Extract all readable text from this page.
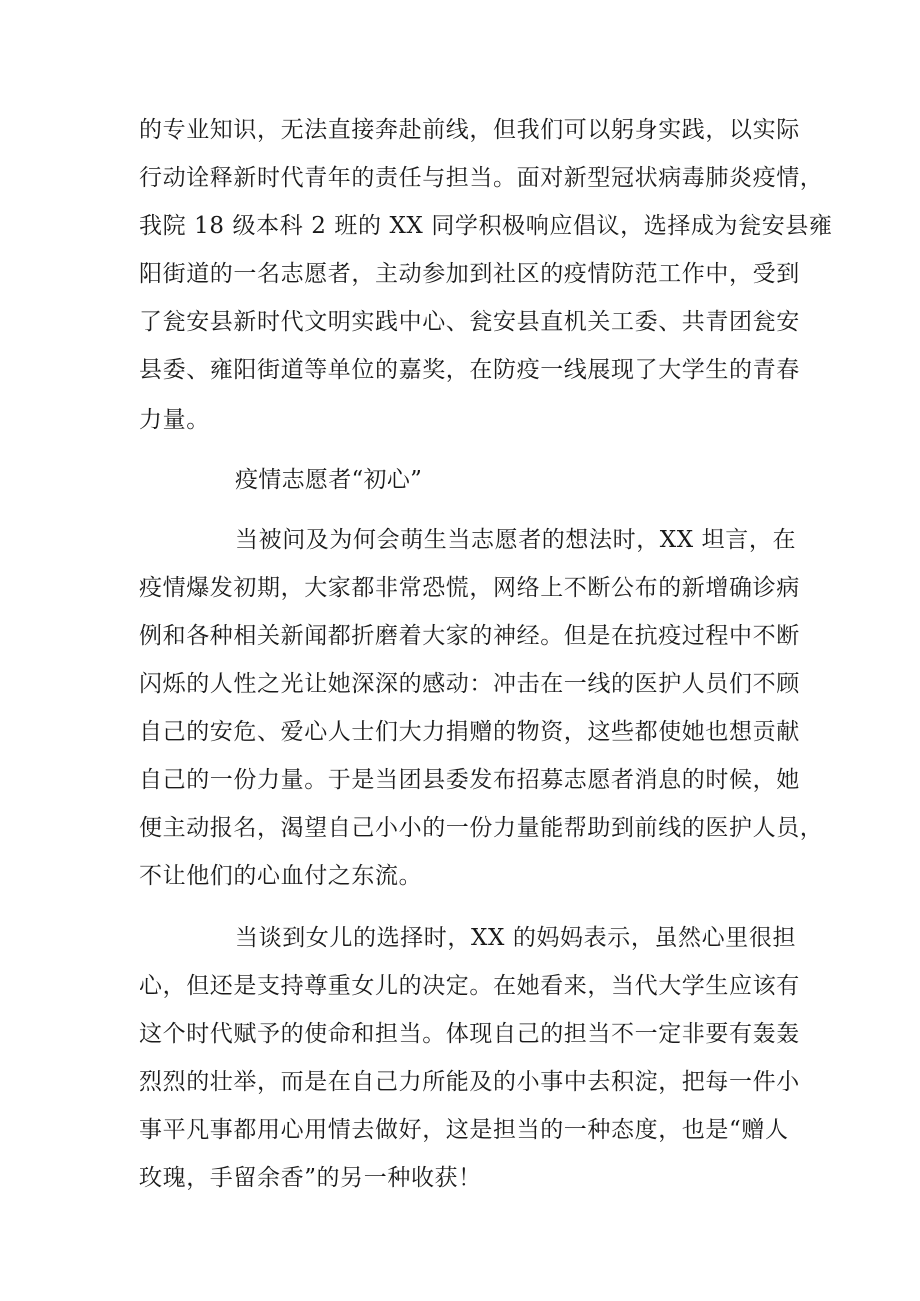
的专业知识，无法直接奔赴前线，但我们可以躬身实践，以实际
行动诠释新时代青年的责任与担当。面对新型冠状病毒肺炎疫情，
我院 18 级本科 2 班的 XX 同学积极响应倡议，选择成为瓮安县雍
阳街道的一名志愿者，主动参加到社区的疫情防范工作中，受到
了瓮安县新时代文明实践中心、瓮安县直机关工委、共青团瓮安
县委、雍阳街道等单位的嘉奖，在防疫一线展现了大学生的青春
力量。
疫情志愿者“初心”
当被问及为何会萌生当志愿者的想法时，XX 坦言，在
疫情爆发初期，大家都非常恐慌，网络上不断公布的新增确诊病
例和各种相关新闻都折磨着大家的神经。但是在抗疫过程中不断
闪烁的人性之光让她深深的感动：冲击在一线的医护人员们不顾
自己的安危、爱心人士们大力捐赠的物资，这些都使她也想贡献
自己的一份力量。于是当团县委发布招募志愿者消息的时候，她
便主动报名，渴望自己小小的一份力量能帮助到前线的医护人员，
不让他们的心血付之东流。
当谈到女儿的选择时，XX 的妈妈表示，虽然心里很担
心，但还是支持尊重女儿的决定。在她看来，当代大学生应该有
这个时代赋予的使命和担当。体现自己的担当不一定非要有轰轰
烈烈的壮举，而是在自己力所能及的小事中去积淀，把每一件小
事平凡事都用心用情去做好，这是担当的一种态度，也是“赠人
玫瑰，手留余香”的另一种收获！
